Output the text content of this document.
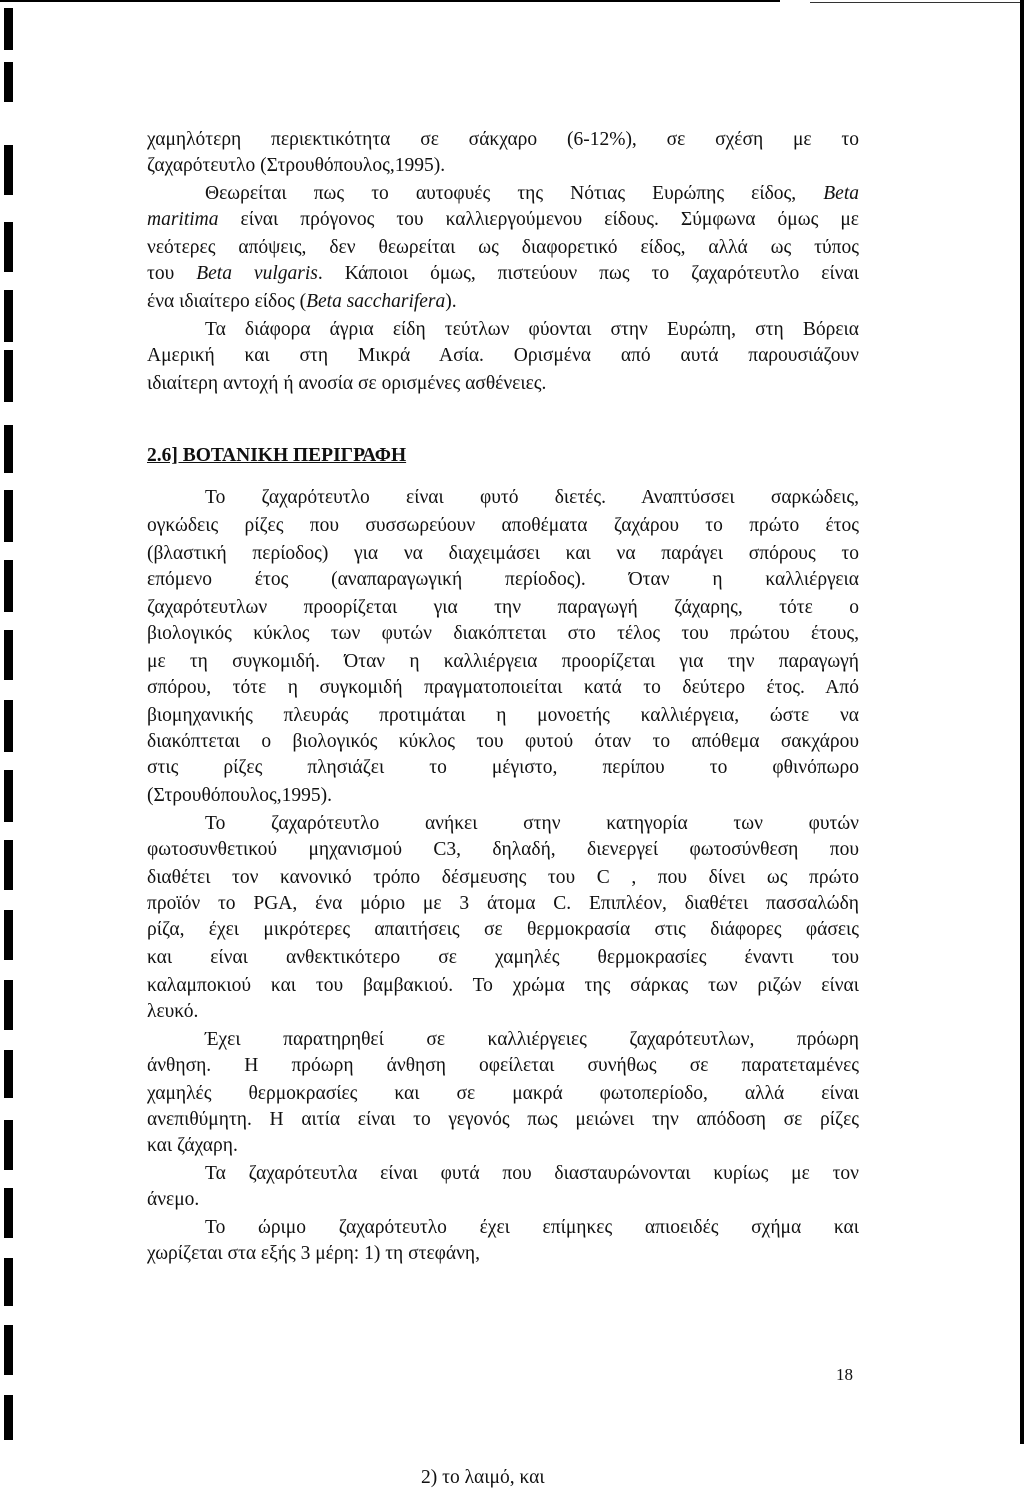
2.6] ΒΟΤΑΝΙΚΗ ΠΕΡΙΓΡΑΦΗ
2) το λαιμό, και
χαμηλότερη περιεκτικότητα σε σάκχαρο (6-12%), σε σχέση με το
ζαχαρότευτλο (Στρουθόπουλος,1995).
Θεωρείται πως το αυτοφυές της Νότιας Ευρώπης είδος, Beta
maritima είναι πρόγονος του καλλιεργούμενου είδους. Σύμφωνα όμως με
νεότερες απόψεις, δεν θεωρείται ως διαφορετικό είδος, αλλά ως τύπος
του Beta vulgaris. Κάποιοι όμως, πιστεύουν πως το ζαχαρότευτλο είναι
ένα ιδιαίτερο είδος (Beta saccharifera).
Τα διάφορα άγρια είδη τεύτλων φύονται στην Ευρώπη, στη Βόρεια
Αμερική και στη Μικρά Ασία. Ορισμένα από αυτά παρουσιάζουν
ιδιαίτερη αντοχή ή ανοσία σε ορισμένες ασθένειες.
Το ζαχαρότευτλο είναι φυτό διετές. Αναπτύσσει σαρκώδεις,
ογκώδεις ρίζες που συσσωρεύουν αποθέματα ζαχάρου το πρώτο έτος
(βλαστική περίοδος) για να διαχειμάσει και να παράγει σπόρους το
επόμενο έτος (αναπαραγωγική περίοδος). Όταν η καλλιέργεια
ζαχαρότευτλων προορίζεται για την παραγωγή ζάχαρης, τότε ο
βιολογικός κύκλος των φυτών διακόπτεται στο τέλος του πρώτου έτους,
με τη συγκομιδή. Όταν η καλλιέργεια προορίζεται για την παραγωγή
σπόρου, τότε η συγκομιδή πραγματοποιείται κατά το δεύτερο έτος. Από
βιομηχανικής πλευράς προτιμάται η μονοετής καλλιέργεια, ώστε να
διακόπτεται ο βιολογικός κύκλος του φυτού όταν το απόθεμα σακχάρου
στις ρίζες πλησιάζει το μέγιστο, περίπου το φθινόπωρο
(Στρουθόπουλος,1995).
Το ζαχαρότευτλο ανήκει στην κατηγορία των φυτών
φωτοσυνθετικού μηχανισμού C3, δηλαδή, διενεργεί φωτοσύνθεση που
διαθέτει τον κανονικό τρόπο δέσμευσης του C , που δίνει ως πρώτο
προϊόν το PGA, ένα μόριο με 3 άτομα C. Επιπλέον, διαθέτει πασσαλώδη
ρίζα, έχει μικρότερες απαιτήσεις σε θερμοκρασία στις διάφορες φάσεις
και είναι ανθεκτικότερο σε χαμηλές θερμοκρασίες έναντι του
καλαμποκιού και του βαμβακιού. Το χρώμα της σάρκας των ριζών είναι
λευκό.
Έχει παρατηρηθεί σε καλλιέργειες ζαχαρότευτλων, πρόωρη
άνθηση. Η πρόωρη άνθηση οφείλεται συνήθως σε παρατεταμένες
χαμηλές θερμοκρασίες και σε μακρά φωτοπερίοδο, αλλά είναι
ανεπιθύμητη. Η αιτία είναι το γεγονός πως μειώνει την απόδοση σε ρίζες
και ζάχαρη.
Τα ζαχαρότευτλα είναι φυτά που διασταυρώνονται κυρίως με τον
άνεμο.
Το ώριμο ζαχαρότευτλο έχει επίμηκες απιοειδές σχήμα και
χωρίζεται στα εξής 3 μέρη: 1) τη στεφάνη,
18
